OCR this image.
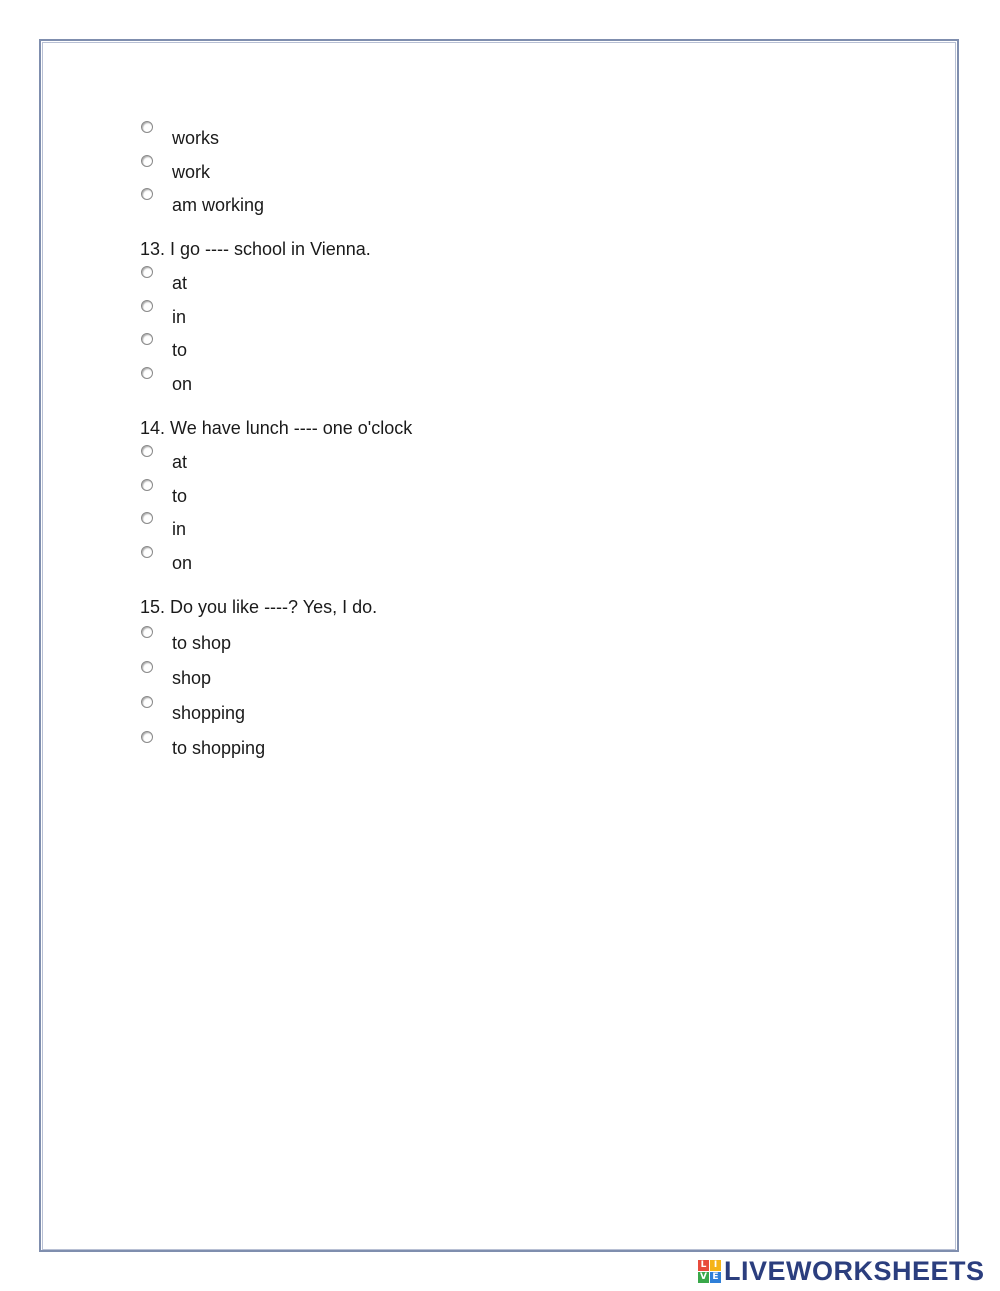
works
work
am working
13. I go ---- school in Vienna.
at
in
to
on
14. We have lunch ---- one o'clock
at
to
in
on
15. Do you like ----? Yes, I do.
to shop
shop
shopping
to shopping
L I
V E LIVEWORKSHEETS
